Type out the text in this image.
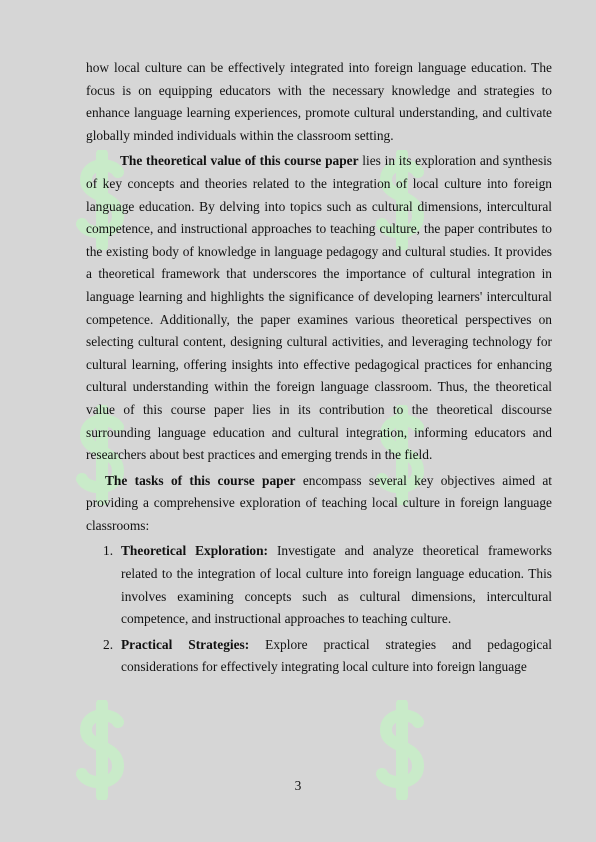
how local culture can be effectively integrated into foreign language education. The focus is on equipping educators with the necessary knowledge and strategies to enhance language learning experiences, promote cultural understanding, and cultivate globally minded individuals within the classroom setting.

The theoretical value of this course paper lies in its exploration and synthesis of key concepts and theories related to the integration of local culture into foreign language education. By delving into topics such as cultural dimensions, intercultural competence, and instructional approaches to teaching culture, the paper contributes to the existing body of knowledge in language pedagogy and cultural studies. It provides a theoretical framework that underscores the importance of cultural integration in language learning and highlights the significance of developing learners' intercultural competence. Additionally, the paper examines various theoretical perspectives on selecting cultural content, designing cultural activities, and leveraging technology for cultural learning, offering insights into effective pedagogical practices for enhancing cultural understanding within the foreign language classroom. Thus, the theoretical value of this course paper lies in its contribution to the theoretical discourse surrounding language education and cultural integration, informing educators and researchers about best practices and emerging trends in the field.

The tasks of this course paper encompass several key objectives aimed at providing a comprehensive exploration of teaching local culture in foreign language classrooms:

1. Theoretical Exploration: Investigate and analyze theoretical frameworks related to the integration of local culture into foreign language education. This involves examining concepts such as cultural dimensions, intercultural competence, and instructional approaches to teaching culture.
2. Practical Strategies: Explore practical strategies and pedagogical considerations for effectively integrating local culture into foreign language
3
